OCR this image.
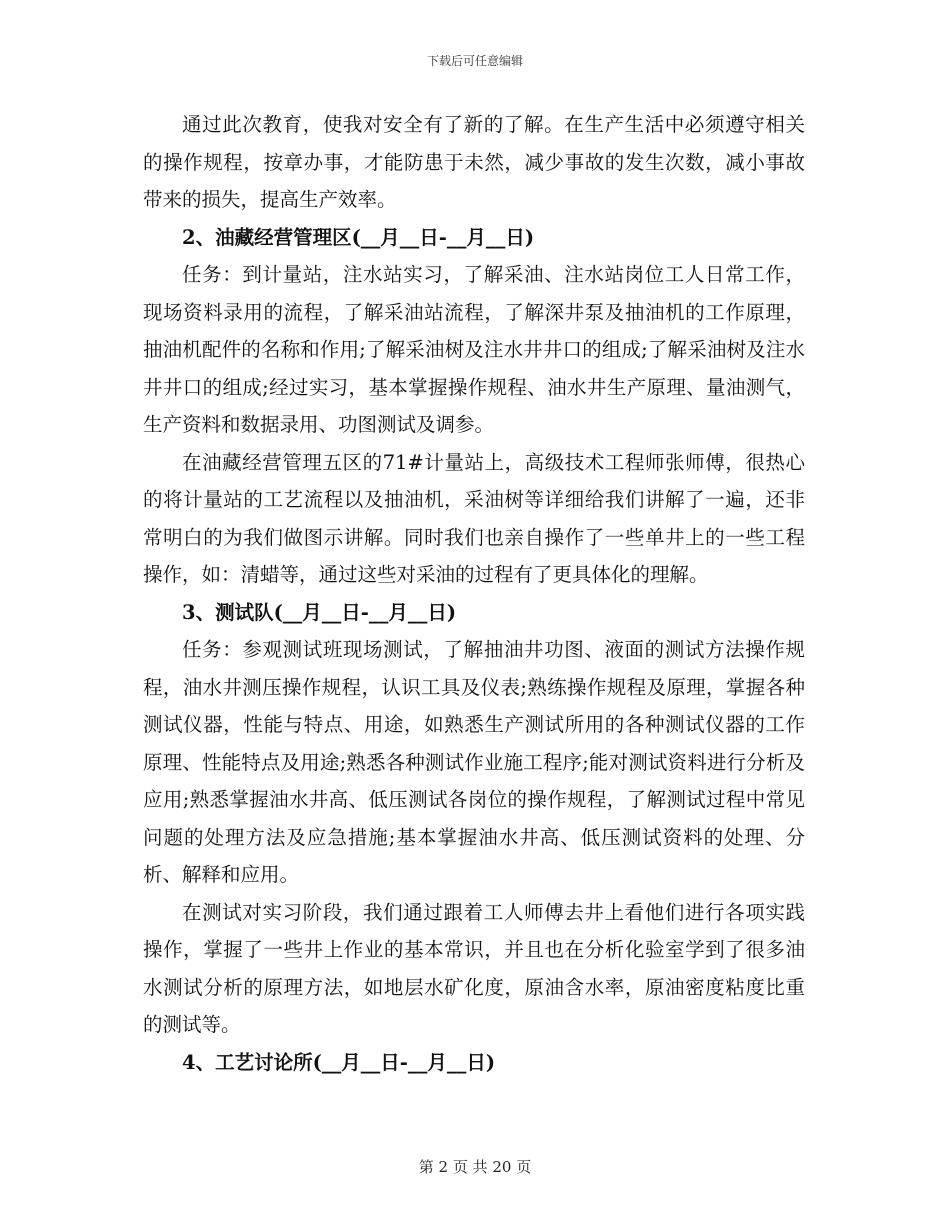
下载后可任意编辑

通过此次教育，使我对安全有了新的了解。在生产生活中必须遵守相关的操作规程，按章办事，才能防患于未然，减少事故的发生次数，减小事故带来的损失，提高生产效率。

2、油藏经营管理区(__月__日-__月__日)

任务：到计量站，注水站实习，了解采油、注水站岗位工人日常工作，现场资料录用的流程，了解采油站流程，了解深井泵及抽油机的工作原理，抽油机配件的名称和作用;了解采油树及注水井井口的组成;了解采油树及注水井井口的组成;经过实习，基本掌握操作规程、油水井生产原理、量油测气，生产资料和数据录用、功图测试及调参。

在油藏经营管理五区的71#计量站上，高级技术工程师张师傅，很热心的将计量站的工艺流程以及抽油机，采油树等详细给我们讲解了一遍，还非常明白的为我们做图示讲解。同时我们也亲自操作了一些单井上的一些工程操作，如：清蜡等，通过这些对采油的过程有了更具体化的理解。

3、测试队(__月__日-__月__日)

任务：参观测试班现场测试，了解抽油井功图、液面的测试方法操作规程，油水井测压操作规程，认识工具及仪表;熟练操作规程及原理，掌握各种测试仪器，性能与特点、用途，如熟悉生产测试所用的各种测试仪器的工作原理、性能特点及用途;熟悉各种测试作业施工程序;能对测试资料进行分析及应用;熟悉掌握油水井高、低压测试各岗位的操作规程，了解测试过程中常见问题的处理方法及应急措施;基本掌握油水井高、低压测试资料的处理、分析、解释和应用。

在测试对实习阶段，我们通过跟着工人师傅去井上看他们进行各项实践操作，掌握了一些井上作业的基本常识，并且也在分析化验室学到了很多油水测试分析的原理方法，如地层水矿化度，原油含水率，原油密度粘度比重的测试等。

4、工艺讨论所(__月__日-__月__日)

第 2 页 共 20 页
